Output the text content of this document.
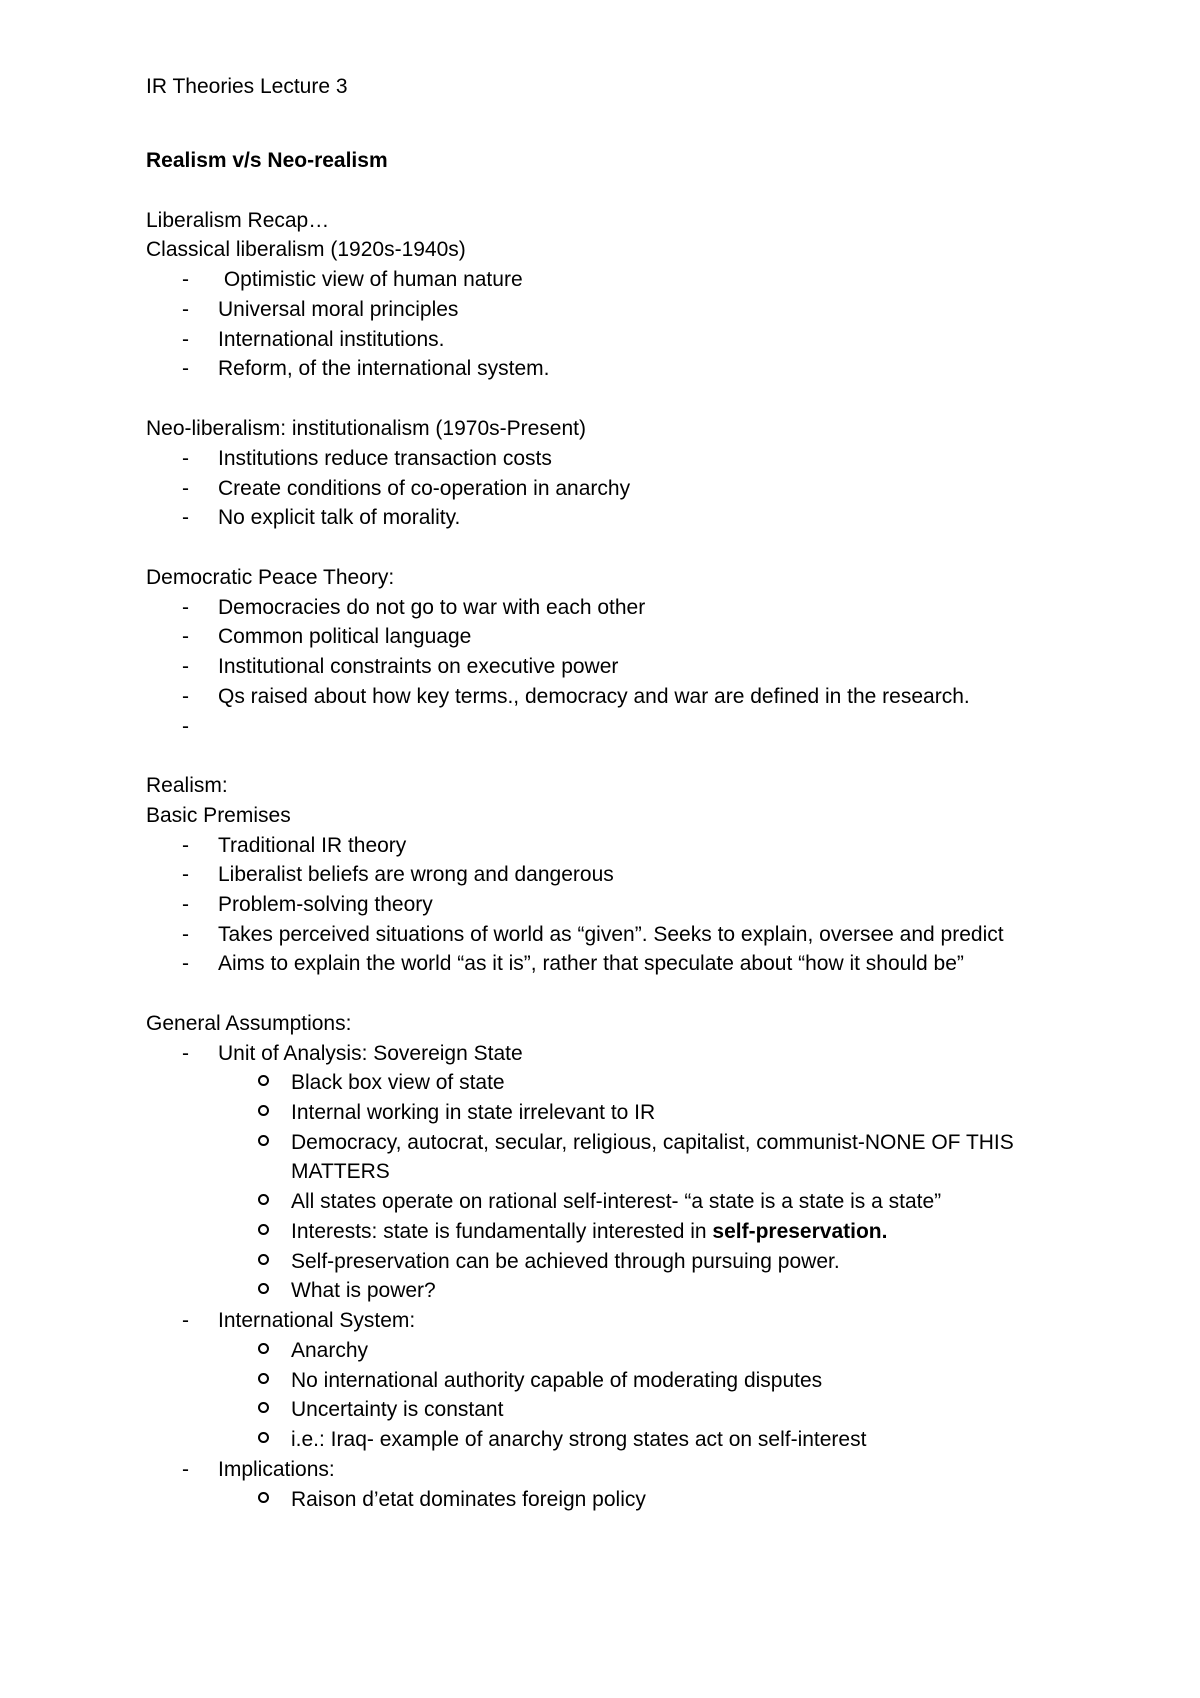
IR Theories Lecture 3
Realism v/s Neo-realism
Liberalism Recap…
Classical liberalism (1920s-1940s)
- Optimistic view of human nature
- Universal moral principles
- International institutions.
- Reform, of the international system.
Neo-liberalism: institutionalism (1970s-Present)
- Institutions reduce transaction costs
- Create conditions of co-operation in anarchy
- No explicit talk of morality.
Democratic Peace Theory:
- Democracies do not go to war with each other
- Common political language
- Institutional constraints on executive power
- Qs raised about how key terms., democracy and war are defined in the research.
-
Realism:
Basic Premises
- Traditional IR theory
- Liberalist beliefs are wrong and dangerous
- Problem-solving theory
- Takes perceived situations of world as “given”. Seeks to explain, oversee and predict
- Aims to explain the world “as it is”, rather that speculate about “how it should be”
General Assumptions:
- Unit of Analysis: Sovereign State
Black box view of state
Internal working in state irrelevant to IR
Democracy, autocrat, secular, religious, capitalist, communist-NONE OF THIS
MATTERS
All states operate on rational self-interest- “a state is a state is a state”
Interests: state is fundamentally interested in self-preservation.
Self-preservation can be achieved through pursuing power.
What is power?
- International System:
Anarchy
No international authority capable of moderating disputes
Uncertainty is constant
i.e.: Iraq- example of anarchy strong states act on self-interest
- Implications:
Raison d’etat dominates foreign policy
